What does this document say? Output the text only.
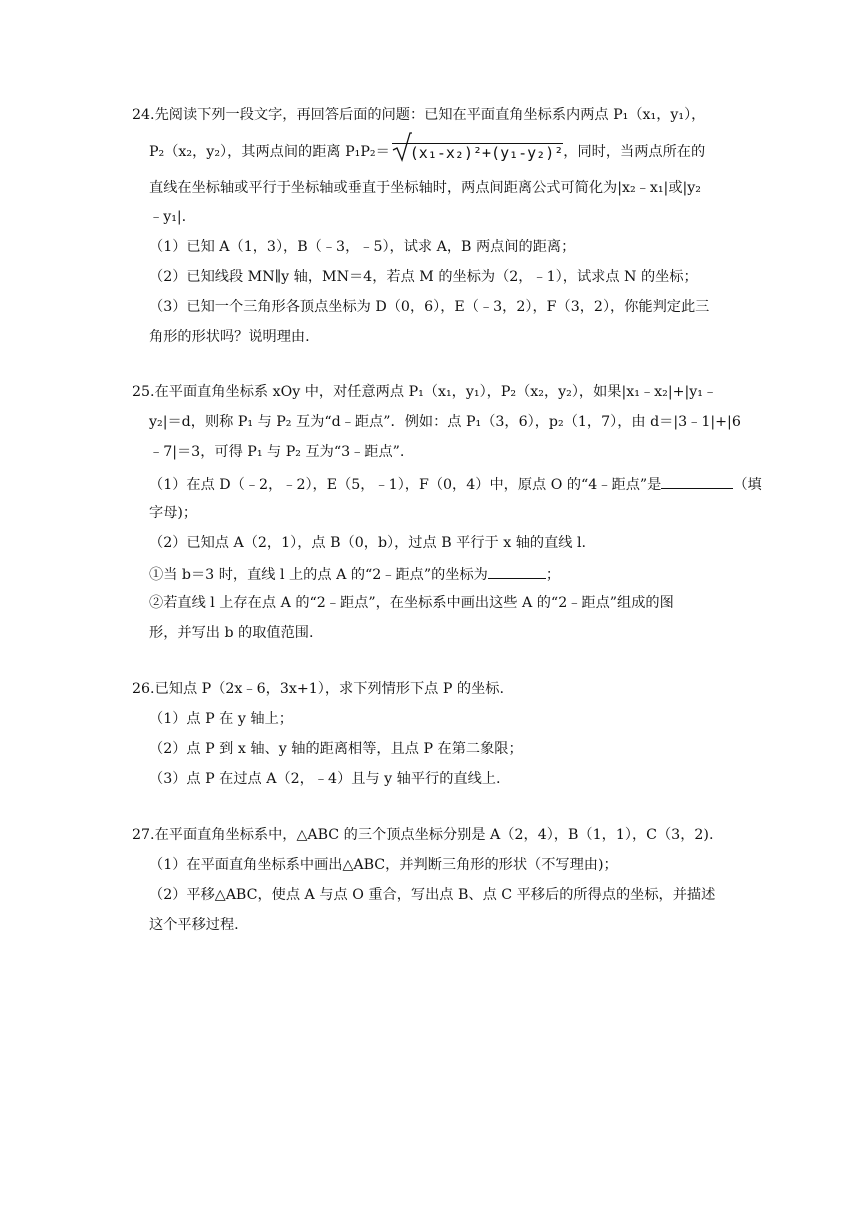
24.先阅读下列一段文字，再回答后面的问题：已知在平面直角坐标系内两点 P₁（x₁，y₁），
P₂（x₂，y₂），其两点间的距离 P₁P₂＝ (x₁-x₂)²+(y₁-y₂)²，同时，当两点所在的
直线在坐标轴或平行于坐标轴或垂直于坐标轴时，两点间距离公式可简化为|x₂﹣x₁|或|y₂
﹣y₁|.
（1）已知 A（1，3），B（﹣3，﹣5），试求 A，B 两点间的距离；
（2）已知线段 MN∥y 轴，MN＝4，若点 M 的坐标为（2，﹣1），试求点 N 的坐标；
（3）已知一个三角形各顶点坐标为 D（0，6），E（﹣3，2），F（3，2），你能判定此三
角形的形状吗？说明理由.
25.在平面直角坐标系 xOy 中，对任意两点 P₁（x₁，y₁），P₂（x₂，y₂），如果|x₁﹣x₂|+|y₁﹣
y₂|＝d，则称 P₁ 与 P₂ 互为“d﹣距点”．例如：点 P₁（3，6），p₂（1，7），由 d＝|3﹣1|+|6
﹣7|＝3，可得 P₁ 与 P₂ 互为“3﹣距点”.
（1）在点 D（﹣2，﹣2），E（5，﹣1），F（0，4）中，原点 O 的“4﹣距点”是	（填
字母)；
（2）已知点 A（2，1），点 B（0，b），过点 B 平行于 x 轴的直线 l.
①当 b＝3 时，直线 l 上的点 A 的“2﹣距点”的坐标为	；
②若直线 l 上存在点 A 的“2﹣距点”，在坐标系中画出这些 A 的“2﹣距点”组成的图
形，并写出 b 的取值范围.
26.已知点 P（2x﹣6，3x+1），求下列情形下点 P 的坐标.
（1）点 P 在 y 轴上；
（2）点 P 到 x 轴、y 轴的距离相等，且点 P 在第二象限；
（3）点 P 在过点 A（2，﹣4）且与 y 轴平行的直线上.
27.在平面直角坐标系中，△ABC 的三个顶点坐标分别是 A（2，4），B（1，1），C（3，2).
（1）在平面直角坐标系中画出△ABC，并判断三角形的形状（不写理由)；
（2）平移△ABC，使点 A 与点 O 重合，写出点 B、点 C 平移后的所得点的坐标，并描述
这个平移过程.
